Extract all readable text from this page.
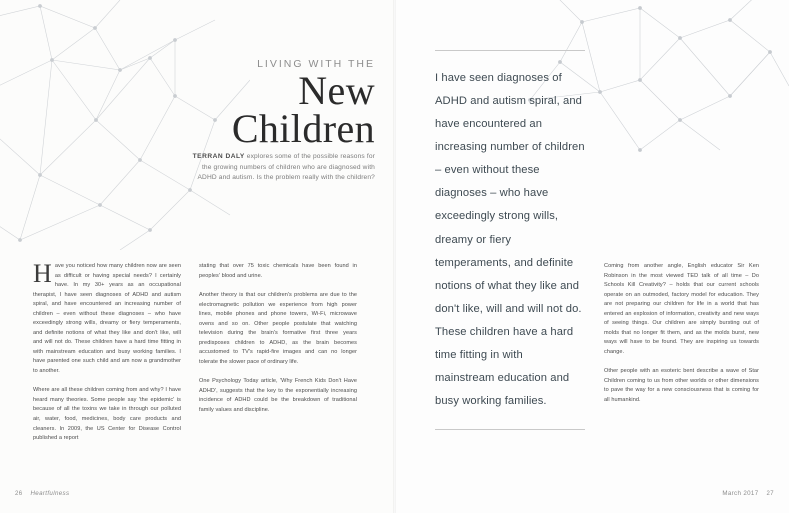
LIVING WITH THE
New
Children
TERRAN DALY explores some of the possible reasons for the growing numbers of children who are diagnosed with ADHD and autism. Is the problem really with the children?
I have seen diagnoses of ADHD and autism spiral, and have encountered an increasing number of children – even without these diagnoses – who have exceedingly strong wills, dreamy or fiery temperaments, and definite notions of what they like and don't like, will and will not do. These children have a hard time fitting in with mainstream education and busy working families.

Have you noticed how many children now are seen as difficult or having special needs? I certainly have. In my 30+ years as an occupational therapist, I have seen diagnoses of ADHD and autism spiral, and have encountered an increasing number of children – even without these diagnoses – who have exceedingly strong wills, dreamy or fiery temperaments, and definite notions of what they like and don't like, will and will not do. These children have a hard time fitting in with mainstream education and busy working families. I have parented one such child and am now a grandmother to another.

Where are all these children coming from and why? I have heard many theories. Some people say 'the epidemic' is because of all the toxins we take in through our polluted air, water, food, medicines, body care products and cleaners. In 2009, the US Center for Disease Control published a report

stating that over 75 toxic chemicals have been found in peoples' blood and urine.

Another theory is that our children's problems are due to the electromagnetic pollution we experience from high power lines, mobile phones and phone towers, Wi-Fi, microwave ovens and so on. Other people postulate that watching television during the brain's formative first three years predisposes children to ADHD, as the brain becomes accustomed to TV's rapid-fire images and can no longer tolerate the slower pace of ordinary life.

One Psychology Today article, 'Why French Kids Don't Have ADHD', suggests that the key to the exponentially increasing incidence of ADHD could be the breakdown of traditional family values and discipline.

Coming from another angle, English educator Sir Ken Robinson in the most viewed TED talk of all time – Do Schools Kill Creativity? – holds that our current schools operate on an outmoded, factory model for education. They are not preparing our children for life in a world that has entered an explosion of information, creativity and new ways of seeing things. Our children are simply bursting out of molds that no longer fit them, and as the molds burst, new ways will have to be found. They are inspiring us towards change.

Other people with an esoteric bent describe a wave of Star Children coming to us from other worlds or other dimensions to pave the way for a new consciousness that is coming for all humankind.

26 Heartfulness	March 2017 27
